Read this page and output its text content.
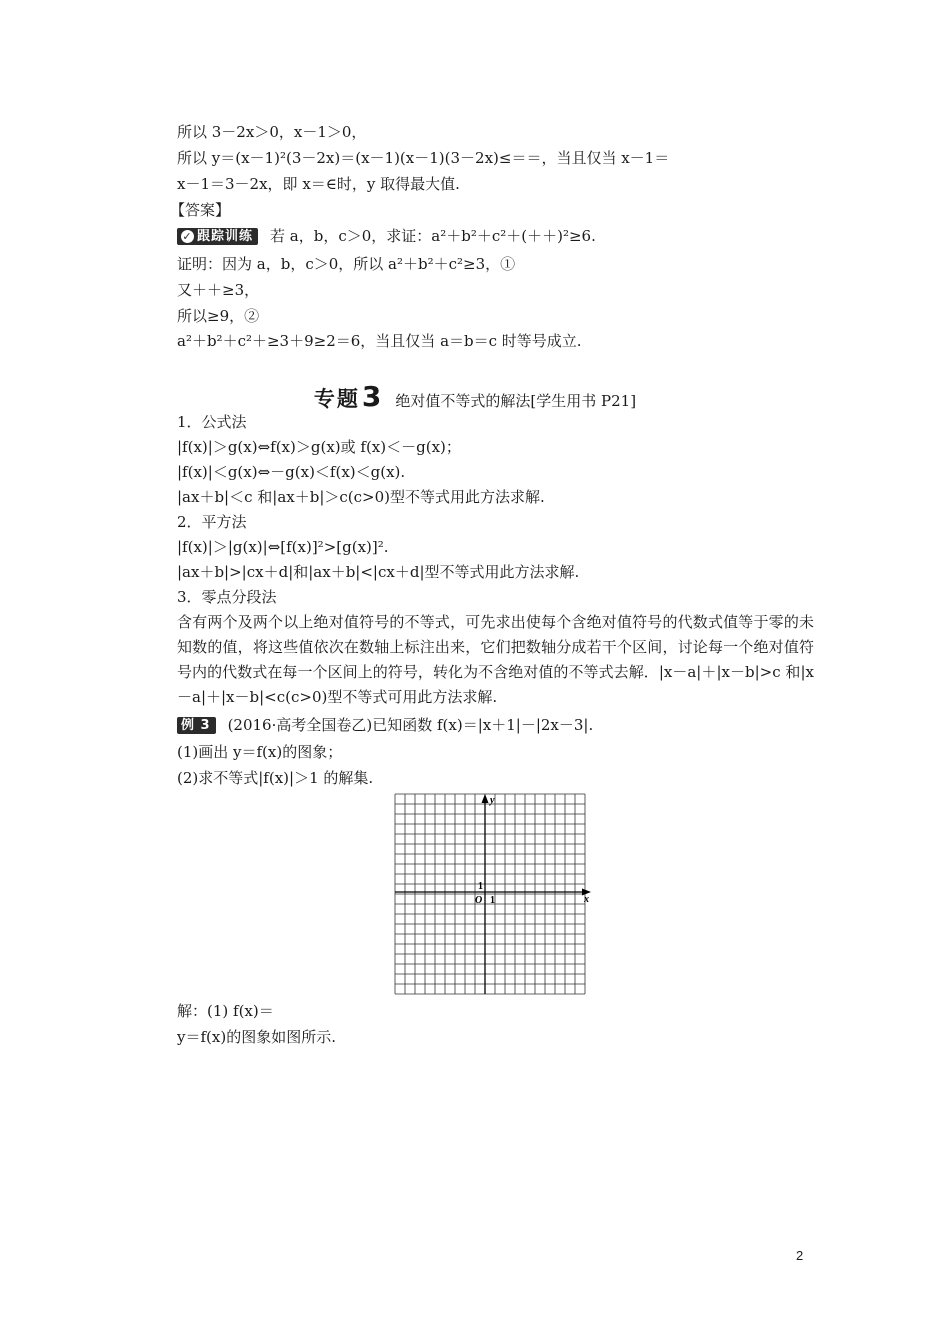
所以 3－2x＞0，x－1＞0，
所以 y＝(x－1)²(3－2x)＝(x－1)(x－1)(3－2x)≤＝＝，当且仅当 x－1＝
x－1＝3－2x，即 x＝∈时，y 取得最大值.
【答案】
✓ 跟踪训练 若 a，b，c＞0，求证：a²＋b²＋c²＋(＋＋)²≥6.
证明：因为 a，b，c＞0，所以 a²＋b²＋c²≥3，①
又＋＋≥3，
所以≥9，②
a²＋b²＋c²＋≥3＋9≥2＝6，当且仅当 a＝b＝c 时等号成立.
专题3 绝对值不等式的解法[学生用书 P21]
1．公式法
|f(x)|＞g(x)⇔f(x)＞g(x)或 f(x)＜－g(x)；
|f(x)|＜g(x)⇔－g(x)＜f(x)＜g(x).
|ax＋b|＜c 和|ax＋b|＞c(c>0)型不等式用此方法求解.
2．平方法
|f(x)|＞|g(x)|⇔[f(x)]²>[g(x)]².
|ax＋b|>|cx＋d|和|ax＋b|<|cx＋d|型不等式用此方法求解.
3．零点分段法
含有两个及两个以上绝对值符号的不等式，可先求出使每个含绝对值符号的代数式值等于零的未知数的值，将这些值依次在数轴上标注出来，它们把数轴分成若干个区间，讨论每一个绝对值符号内的代数式在每一个区间上的符号，转化为不含绝对值的不等式去解．|x－a|＋|x－b|>c 和|x－a|＋|x－b|<c(c>0)型不等式可用此方法求解.
例 3 (2016·高考全国卷乙)已知函数 f(x)＝|x＋1|－|2x－3|.
(1)画出 y＝f(x)的图象；
(2)求不等式|f(x)|＞1 的解集.
x
y
O 1
1
解：(1) f(x)＝
y＝f(x)的图象如图所示.
2
